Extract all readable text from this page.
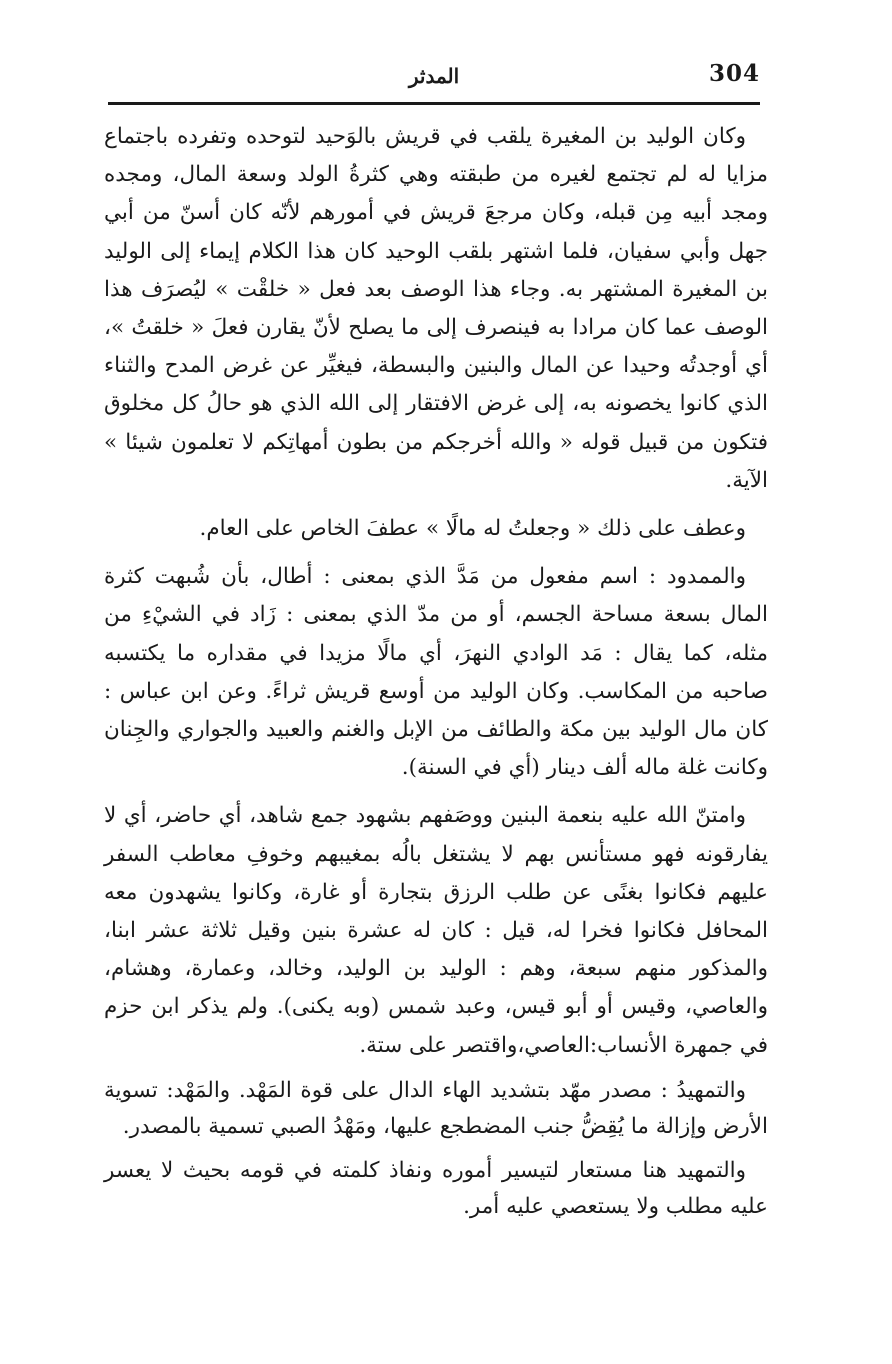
304
المدثر

وكان الوليد بن المغيرة يلقب في قريش بالوَحيد لتوحده وتفرده باجتماع مزايا له لم تجتمع لغيره من طبقته وهي كثرةُ الولد وسعة المال، ومجده ومجد أبيه مِن قبله، وكان مرجعَ قريش في أمورهم لأنّه كان أسنّ من أبي جهل وأبي سفيان، فلما اشتهر بلقب الوحيد كان هذا الكلام إيماء إلى الوليد بن المغيرة المشتهر به. وجاء هذا الوصف بعد فعل « خلقْت » ليُصرَف هذا الوصف عما كان مرادا به فينصرف إلى ما يصلح لأنّ يقارن فعلَ « خلقتُ »، أي أوجدتُه وحيدا عن المال والبنين والبسطة، فيغيِّر عن غرض المدح والثناء الذي كانوا يخصونه به، إلى غرض الافتقار إلى الله الذي هو حالُ كل مخلوق فتكون من قبيل قوله « والله أخرجكم من بطون أمهاتِكم لا تعلمون شيئا » الآية.

وعطف على ذلك « وجعلتُ له مالًا » عطفَ الخاص على العام.

والممدود : اسم مفعول من مَدَّ الذي بمعنى : أطال، بأن شُبهت كثرة المال بسعة مساحة الجسم، أو من مدّ الذي بمعنى : زَاد في الشيْءِ من مثله، كما يقال : مَد الوادي النهرَ، أي مالًا مزيدا في مقداره ما يكتسبه صاحبه من المكاسب. وكان الوليد من أوسع قريش ثراءً. وعن ابن عباس : كان مال الوليد بين مكة والطائف من الإبل والغنم والعبيد والجواري والجِنان وكانت غلة ماله ألف دينار (أي في السنة).

وامتنّ الله عليه بنعمة البنين ووصَفهم بشهود جمع شاهد، أي حاضر، أي لا يفارقونه فهو مستأنس بهم لا يشتغل بالُه بمغيبهم وخوفِ معاطب السفر عليهم فكانوا بغنًى عن طلب الرزق بتجارة أو غارة، وكانوا يشهدون معه المحافل فكانوا فخرا له، قيل : كان له عشرة بنين وقيل ثلاثة عشر ابنا، والمذكور منهم سبعة، وهم : الوليد بن الوليد، وخالد، وعمارة، وهشام، والعاصي، وقيس أو أبو قيس، وعبد شمس (وبه يكنى). ولم يذكر ابن حزم في جمهرة الأنساب:العاصي،واقتصر على ستة.

والتمهيدُ : مصدر مهّد بتشديد الهاء الدال على قوة المَهْد. والمَهْد: تسوية الأرض وإزالة ما يُقِضُّ جنب المضطجع عليها، ومَهْدُ الصبي تسمية بالمصدر.

والتمهيد هنا مستعار لتيسير أموره ونفاذ كلمته في قومه بحيث لا يعسر عليه مطلب ولا يستعصي عليه أمر.
